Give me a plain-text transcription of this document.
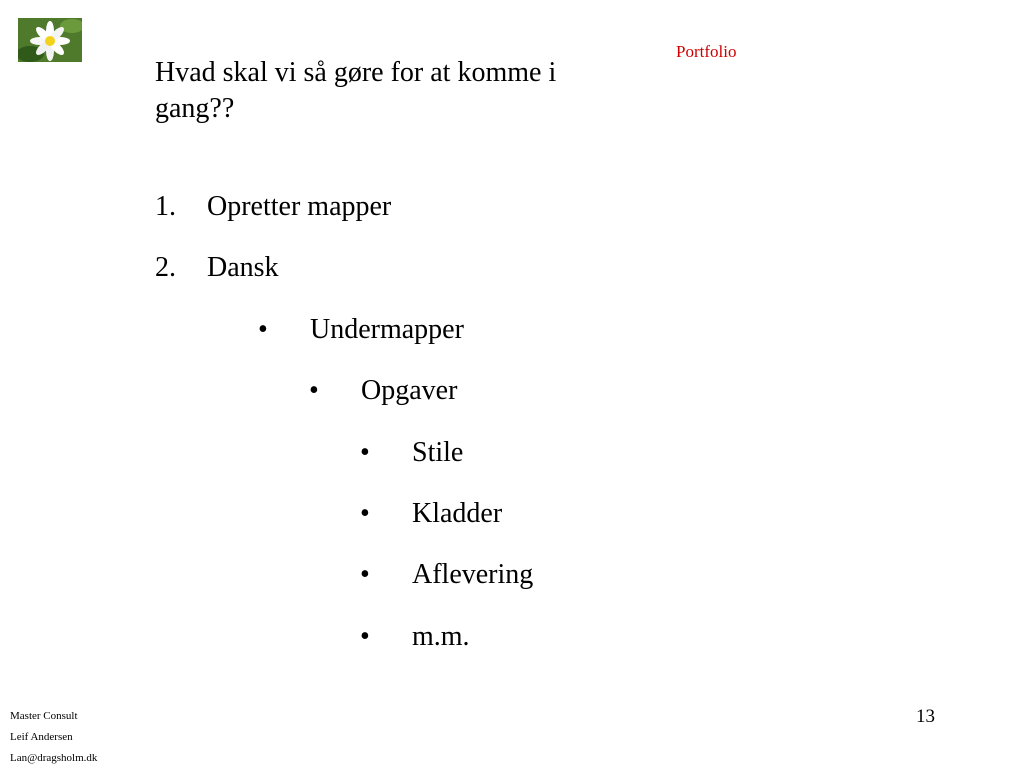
Portfolio
Hvad skal vi så gøre for at komme i gang??
1. Opretter mapper
2. Dansk
• Undermapper
• Opgaver
• Stile
• Kladder
• Aflevering
• m.m.
Master Consult
Leif Andersen
Lan@dragsholm.dk
13
